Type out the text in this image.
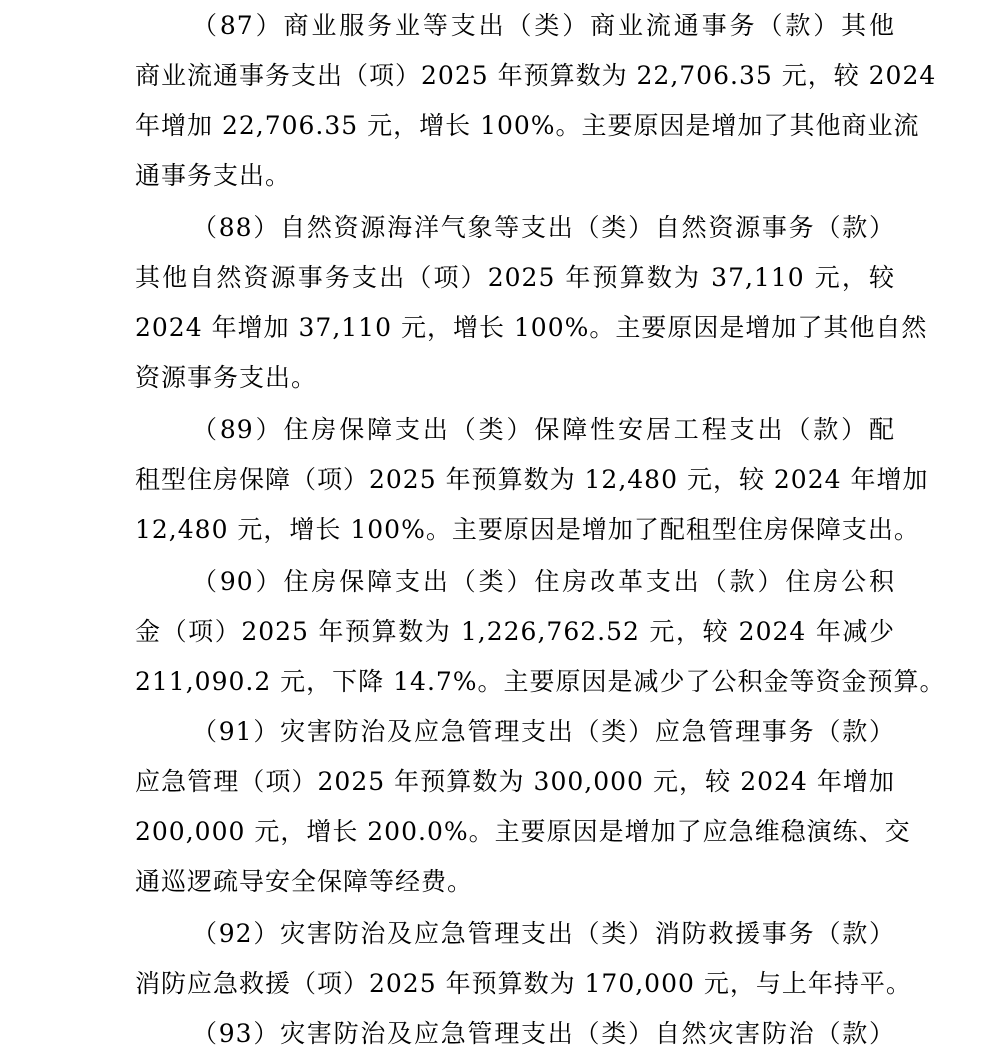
（87）商业服务业等支出（类）商业流通事务（款）其他
商业流通事务支出（项）2025 年预算数为 22,706.35 元，较 2024
年增加 22,706.35 元，增长 100%。主要原因是增加了其他商业流
通事务支出。
（88）自然资源海洋气象等支出（类）自然资源事务（款）
其他自然资源事务支出（项）2025 年预算数为 37,110 元，较
2024 年增加 37,110 元，增长 100%。主要原因是增加了其他自然
资源事务支出。
（89）住房保障支出（类）保障性安居工程支出（款）配
租型住房保障（项）2025 年预算数为 12,480 元，较 2024 年增加
12,480 元，增长 100%。主要原因是增加了配租型住房保障支出。
（90）住房保障支出（类）住房改革支出（款）住房公积
金（项）2025 年预算数为 1,226,762.52 元，较 2024 年减少
211,090.2 元，下降 14.7%。主要原因是减少了公积金等资金预算。
（91）灾害防治及应急管理支出（类）应急管理事务（款）
应急管理（项）2025 年预算数为 300,000 元，较 2024 年增加
200,000 元，增长 200.0%。主要原因是增加了应急维稳演练、交
通巡逻疏导安全保障等经费。
（92）灾害防治及应急管理支出（类）消防救援事务（款）
消防应急救援（项）2025 年预算数为 170,000 元，与上年持平。
（93）灾害防治及应急管理支出（类）自然灾害防治（款）
